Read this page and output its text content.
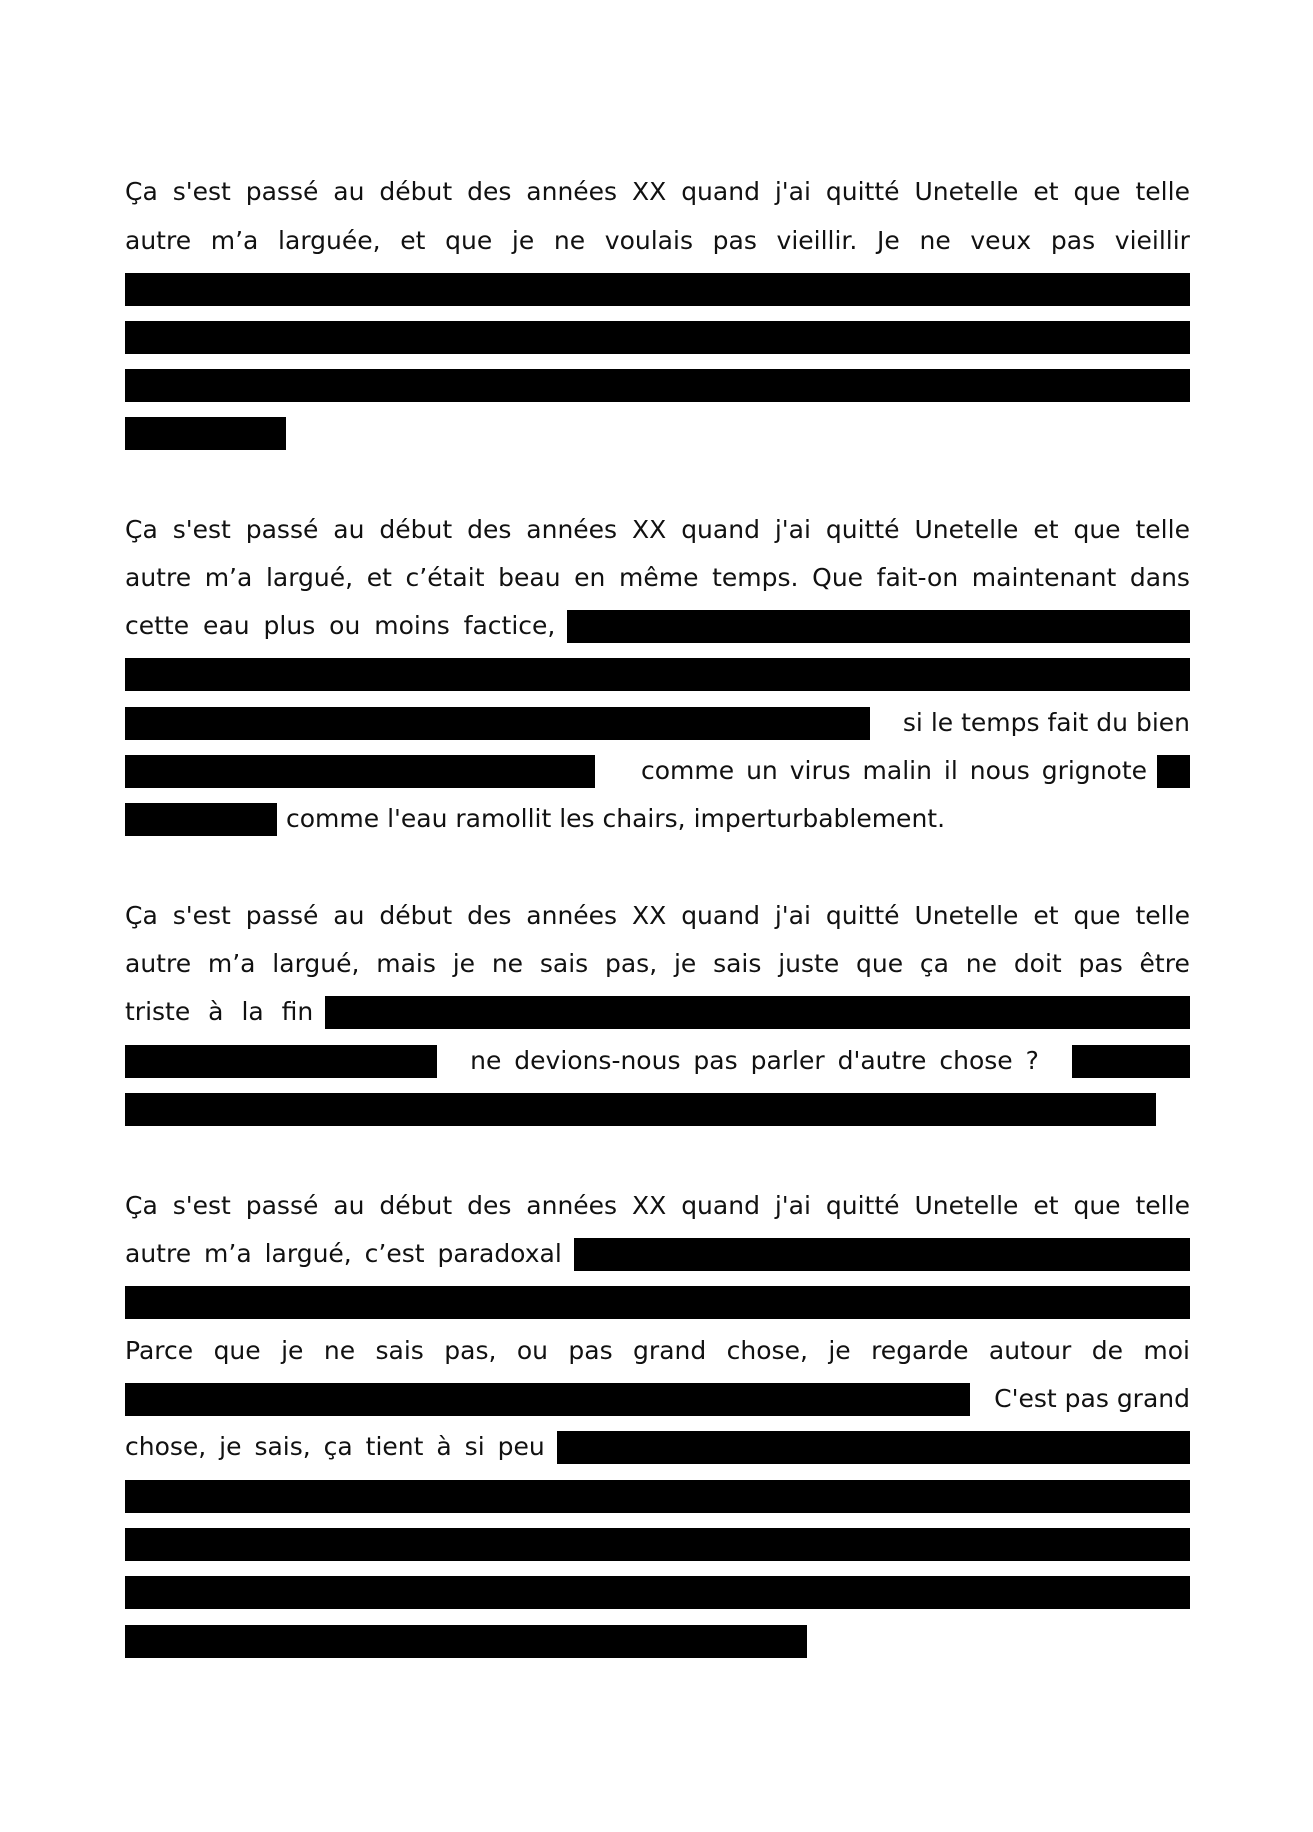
Ça s'est passé au début des années XX quand j'ai quitté Unetelle et que telle
autre m’a larguée, et que je ne voulais pas vieillir. Je ne veux pas vieillir
Ça s'est passé au début des années XX quand j'ai quitté Unetelle et que telle
autre m’a largué, et c’était beau en même temps. Que fait-on maintenant dans
cette eau plus ou moins factice,
si le temps fait du bien
comme un virus malin il nous grignote
comme l'eau ramollit les chairs, imperturbablement.
Ça s'est passé au début des années XX quand j'ai quitté Unetelle et que telle
autre m’a largué, mais je ne sais pas, je sais juste que ça ne doit pas être
triste à la fin
ne devions-nous pas parler d'autre chose ?
Ça s'est passé au début des années XX quand j'ai quitté Unetelle et que telle
autre m’a largué, c’est paradoxal
Parce que je ne sais pas, ou pas grand chose, je regarde autour de moi
C'est pas grand
chose, je sais, ça tient à si peu
